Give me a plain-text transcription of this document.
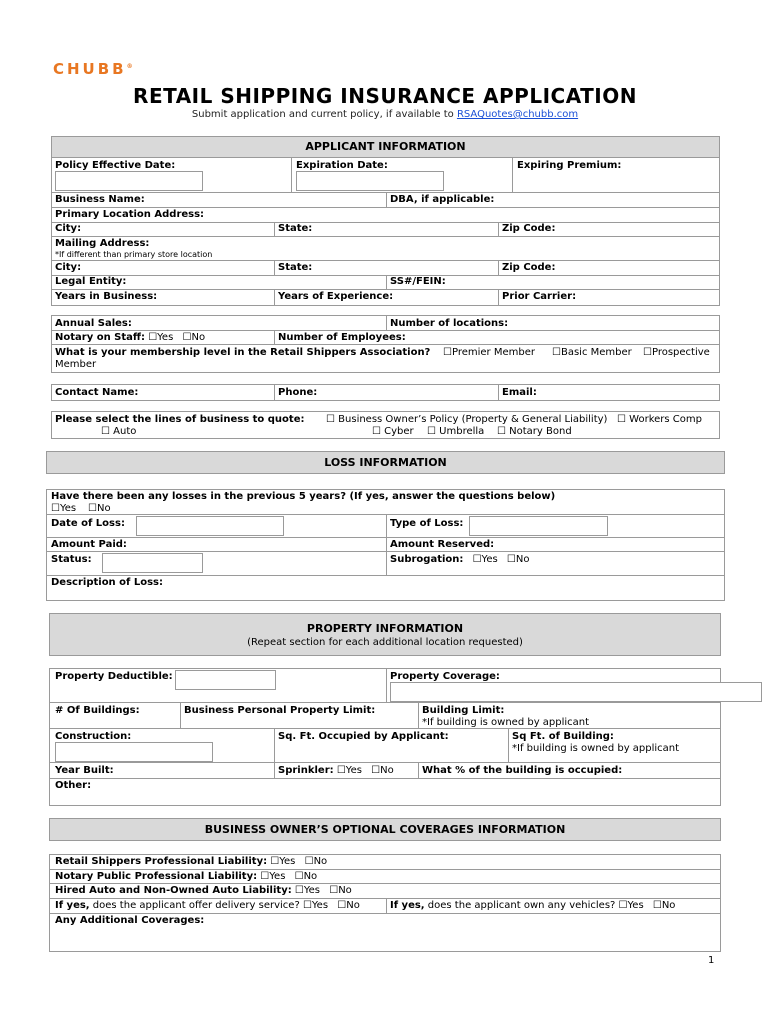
CHUBB®
RETAIL SHIPPING INSURANCE APPLICATION
Submit application and current policy, if available to RSAQuotes@chubb.com
APPLICANT INFORMATION
Policy Effective Date:	Expiration Date:	Expiring Premium:
Business Name:	DBA, if applicable:
Primary Location Address:
City:	State:	Zip Code:
Mailing Address:
*If different than primary store location
City:	State:	Zip Code:
Legal Entity:	SS#/FEIN:
Years in Business:	Years of Experience:	Prior Carrier:
Annual Sales:	Number of locations:
Notary on Staff: ☐Yes ☐No	Number of Employees:
What is your membership level in the Retail Shippers Association? ☐Premier Member ☐Basic Member ☐Prospective
Member
Contact Name:	Phone:	Email:
Please select the lines of business to quote: ☐ Business Owner’s Policy (Property & General Liability) ☐ Workers Comp
☐ Auto	☐ Cyber ☐ Umbrella ☐ Notary Bond
LOSS INFORMATION
Have there been any losses in the previous 5 years? (If yes, answer the questions below)
☐Yes ☐No
Date of Loss:	Type of Loss:
Amount Paid:	Amount Reserved:
Status:	Subrogation: ☐Yes ☐No
Description of Loss:
PROPERTY INFORMATION
(Repeat section for each additional location requested)
Property Deductible:	Property Coverage:
# Of Buildings:	Business Personal Property Limit:	Building Limit:
*If building is owned by applicant
Construction:	Sq. Ft. Occupied by Applicant:	Sq Ft. of Building:
*If building is owned by applicant
Year Built:	Sprinkler: ☐Yes ☐No	What % of the building is occupied:
Other:
BUSINESS OWNER’S OPTIONAL COVERAGES INFORMATION
Retail Shippers Professional Liability: ☐Yes ☐No
Notary Public Professional Liability: ☐Yes ☐No
Hired Auto and Non-Owned Auto Liability: ☐Yes ☐No
If yes, does the applicant offer delivery service? ☐Yes ☐No	If yes, does the applicant own any vehicles? ☐Yes ☐No
Any Additional Coverages:
1
